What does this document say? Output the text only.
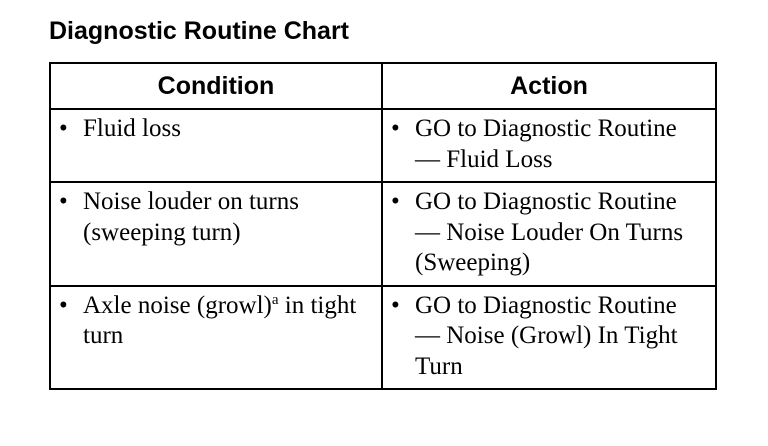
Diagnostic Routine Chart
Condition	Action

• Fluid loss	• GO to Diagnostic Routine — Fluid Loss

• Noise louder on turns (sweeping turn)	• GO to Diagnostic Routine — Noise Louder On Turns (Sweeping)

• Axle noise (growl)$^a$ in tight turn	• GO to Diagnostic Routine — Noise (Growl) In Tight Turn
